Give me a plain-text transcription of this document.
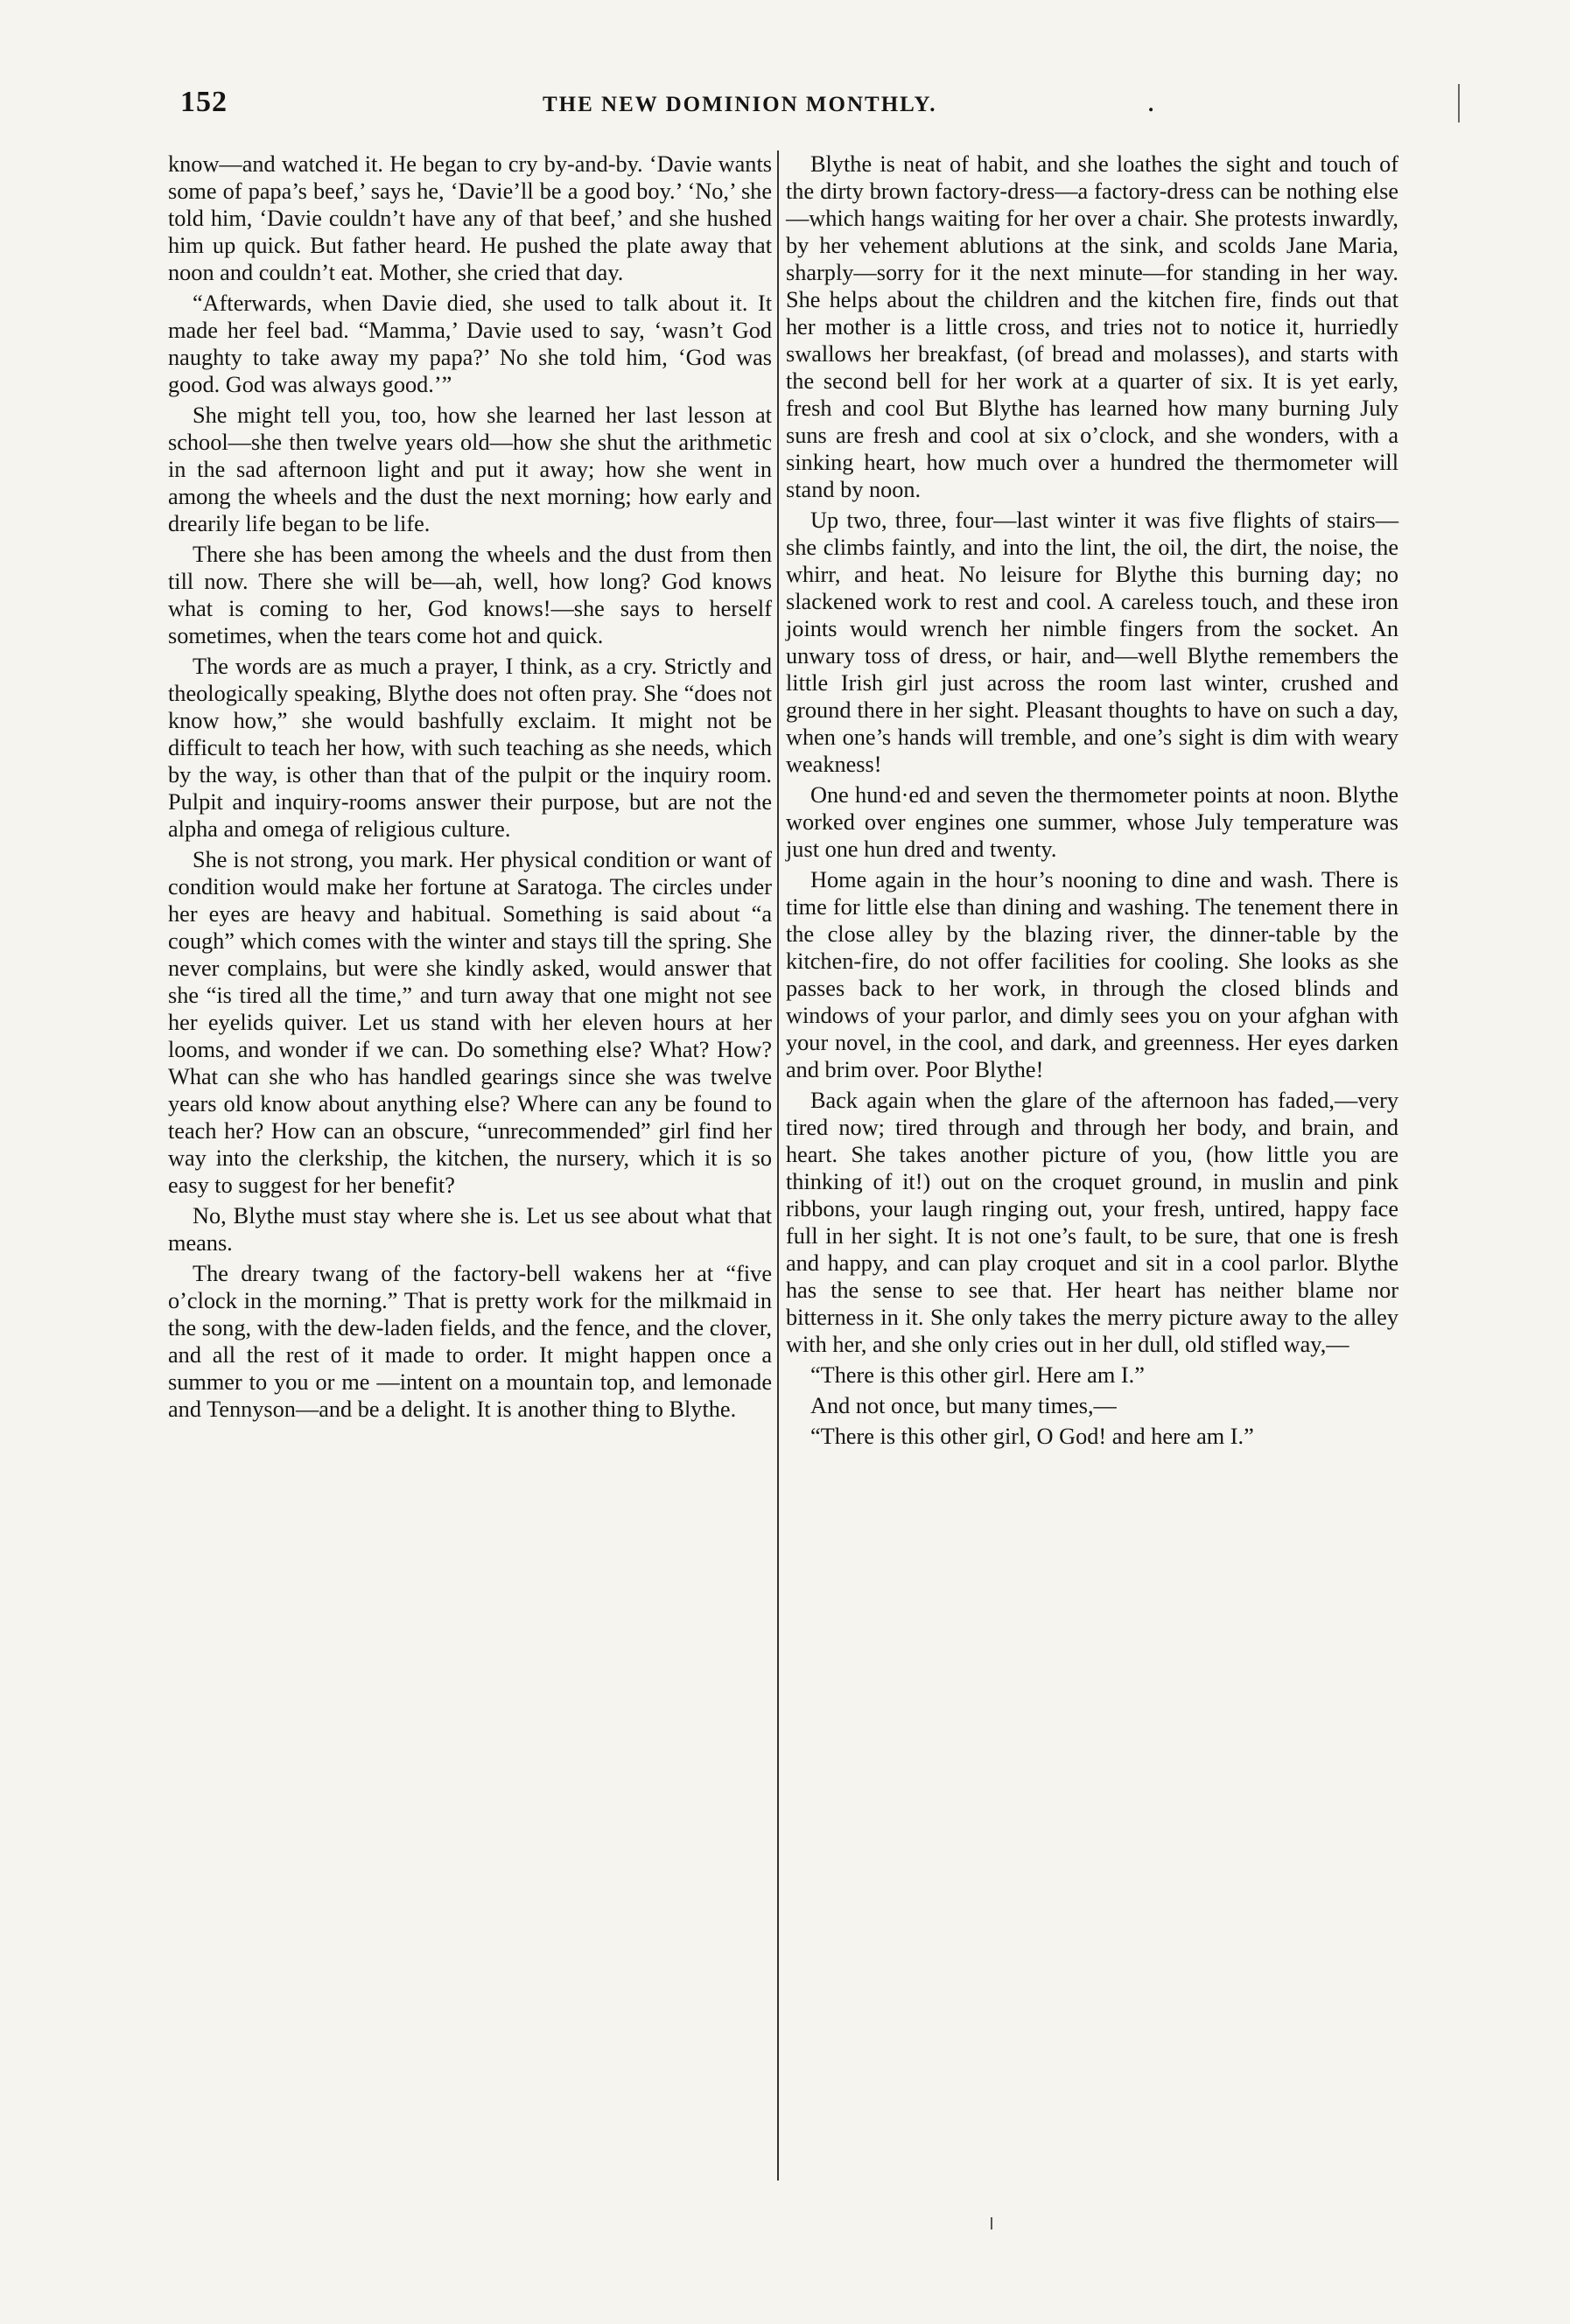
152	THE NEW DOMINION MONTHLY.	.

know—and watched it. He began to cry by-and-by. ‘Davie wants some of papa’s beef,’ says he, ‘Davie’ll be a good boy.’ ‘No,’ she told him, ‘Davie couldn’t have any of that beef,’ and she hushed him up quick. But father heard. He pushed the plate away that noon and couldn’t eat. Mother, she cried that day.

“Afterwards, when Davie died, she used to talk about it. It made her feel bad. “Mamma,’ Davie used to say, ‘wasn’t God naughty to take away my papa?’ No she told him, ‘God was good. God was always good.’”

She might tell you, too, how she learned her last lesson at school—she then twelve years old—how she shut the arithmetic in the sad afternoon light and put it away; how she went in among the wheels and the dust the next morning; how early and drearily life began to be life.

There she has been among the wheels and the dust from then till now. There she will be—ah, well, how long? God knows what is coming to her, God knows!—she says to herself sometimes, when the tears come hot and quick.

The words are as much a prayer, I think, as a cry. Strictly and theologically speaking, Blythe does not often pray. She “does not know how,” she would bashfully exclaim. It might not be difficult to teach her how, with such teaching as she needs, which by the way, is other than that of the pulpit or the inquiry room. Pulpit and inquiry-rooms answer their purpose, but are not the alpha and omega of religious culture.

She is not strong, you mark. Her physical condition or want of condition would make her fortune at Saratoga. The circles under her eyes are heavy and habitual. Something is said about “a cough” which comes with the winter and stays till the spring. She never complains, but were she kindly asked, would answer that she “is tired all the time,” and turn away that one might not see her eyelids quiver. Let us stand with her eleven hours at her looms, and wonder if we can. Do something else? What? How? What can she who has handled gearings since she was twelve years old know about anything else? Where can any be found to teach her? How can an obscure, “unrecommended” girl find her way into the clerkship, the kitchen, the nursery, which it is so easy to suggest for her benefit?

No, Blythe must stay where she is. Let us see about what that means.

The dreary twang of the factory-bell wakens her at “five o’clock in the morning.” That is pretty work for the milkmaid in the song, with the dew-laden fields, and the fence, and the clover, and all the rest of it made to order. It might happen once a summer to you or me —intent on a mountain top, and lemonade and Tennyson—and be a delight. It is another thing to Blythe.

Blythe is neat of habit, and she loathes the sight and touch of the dirty brown factory-dress—a factory-dress can be nothing else—which hangs waiting for her over a chair. She protests inwardly, by her vehement ablutions at the sink, and scolds Jane Maria, sharply—sorry for it the next minute—for standing in her way. She helps about the children and the kitchen fire, finds out that her mother is a little cross, and tries not to notice it, hurriedly swallows her breakfast, (of bread and molasses), and starts with the second bell for her work at a quarter of six. It is yet early, fresh and cool But Blythe has learned how many burning July suns are fresh and cool at six o’clock, and she wonders, with a sinking heart, how much over a hundred the thermometer will stand by noon.

Up two, three, four—last winter it was five flights of stairs—she climbs faintly, and into the lint, the oil, the dirt, the noise, the whirr, and heat. No leisure for Blythe this burning day; no slackened work to rest and cool. A careless touch, and these iron joints would wrench her nimble fingers from the socket. An unwary toss of dress, or hair, and—well Blythe remembers the little Irish girl just across the room last winter, crushed and ground there in her sight. Pleasant thoughts to have on such a day, when one’s hands will tremble, and one’s sight is dim with weary weakness!

One hund·ed and seven the thermometer points at noon. Blythe worked over engines one summer, whose July temperature was just one hun dred and twenty.

Home again in the hour’s nooning to dine and wash. There is time for little else than dining and washing. The tenement there in the close alley by the blazing river, the dinner-table by the kitchen-fire, do not offer facilities for cooling. She looks as she passes back to her work, in through the closed blinds and windows of your parlor, and dimly sees you on your afghan with your novel, in the cool, and dark, and greenness. Her eyes darken and brim over. Poor Blythe!

Back again when the glare of the afternoon has faded,—very tired now; tired through and through her body, and brain, and heart. She takes another picture of you, (how little you are thinking of it!) out on the croquet ground, in muslin and pink ribbons, your laugh ringing out, your fresh, untired, happy face full in her sight. It is not one’s fault, to be sure, that one is fresh and happy, and can play croquet and sit in a cool parlor. Blythe has the sense to see that. Her heart has neither blame nor bitterness in it. She only takes the merry picture away to the alley with her, and she only cries out in her dull, old stifled way,—

“There is this other girl. Here am I.”

And not once, but many times,—

“There is this other girl, O God! and here am I.”
